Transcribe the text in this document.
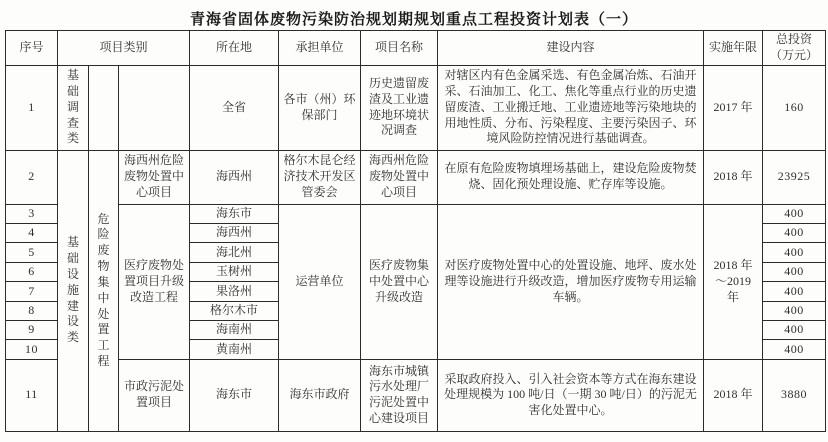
青海省固体废物污染防治规划期规划重点工程投资计划表（一）
序号	项目类别			所在地	承担单位	项目名称	建设内容	实施年限	总投资
（万元）

1	基础调查类			全省	各市（州）环保部门	历史遗留废渣及工业遗迹地环境状况调查	对辖区内有色金属采选、有色金属冶炼、石油开采、石油加工、化工、焦化等重点行业的历史遗留废渣、工业搬迁地、工业遗迹地等污染地块的用地性质、分布、污染程度、主要污染因子、环境风险防控情况进行基础调查。	2017 年	160
2	基础设施建设类	危险废物集中处置工程	海西州危险废物处置中心项目	海西州	格尔木昆仑经济技术开发区管委会	海西州危险废物处置中心项目	在原有危险废物填埋场基础上，建设危险废物焚烧、固化预处理设施、贮存库等设施。	2018 年	23925
3			医疗废物处置项目升级改造工程	海东市	运营单位	医疗废物集中处置中心升级改造	对医疗废物处置中心的处置设施、地坪、废水处理等设施进行升级改造，增加医疗废物专用运输车辆。	2018 年～2019 年	400
4				海西州					400
5				海北州					400
6				玉树州					400
7				果洛州					400
8				格尔木市					400
9				海南州					400
10				黄南州					400
11			市政污泥处置项目	海东市	海东市政府	海东市城镇污水处理厂污泥处置中心建设项目	采取政府投入、引入社会资本等方式在海东建设处理规模为 100 吨/日（一期 30 吨/日）的污泥无害化处置中心。	2018 年	3880
